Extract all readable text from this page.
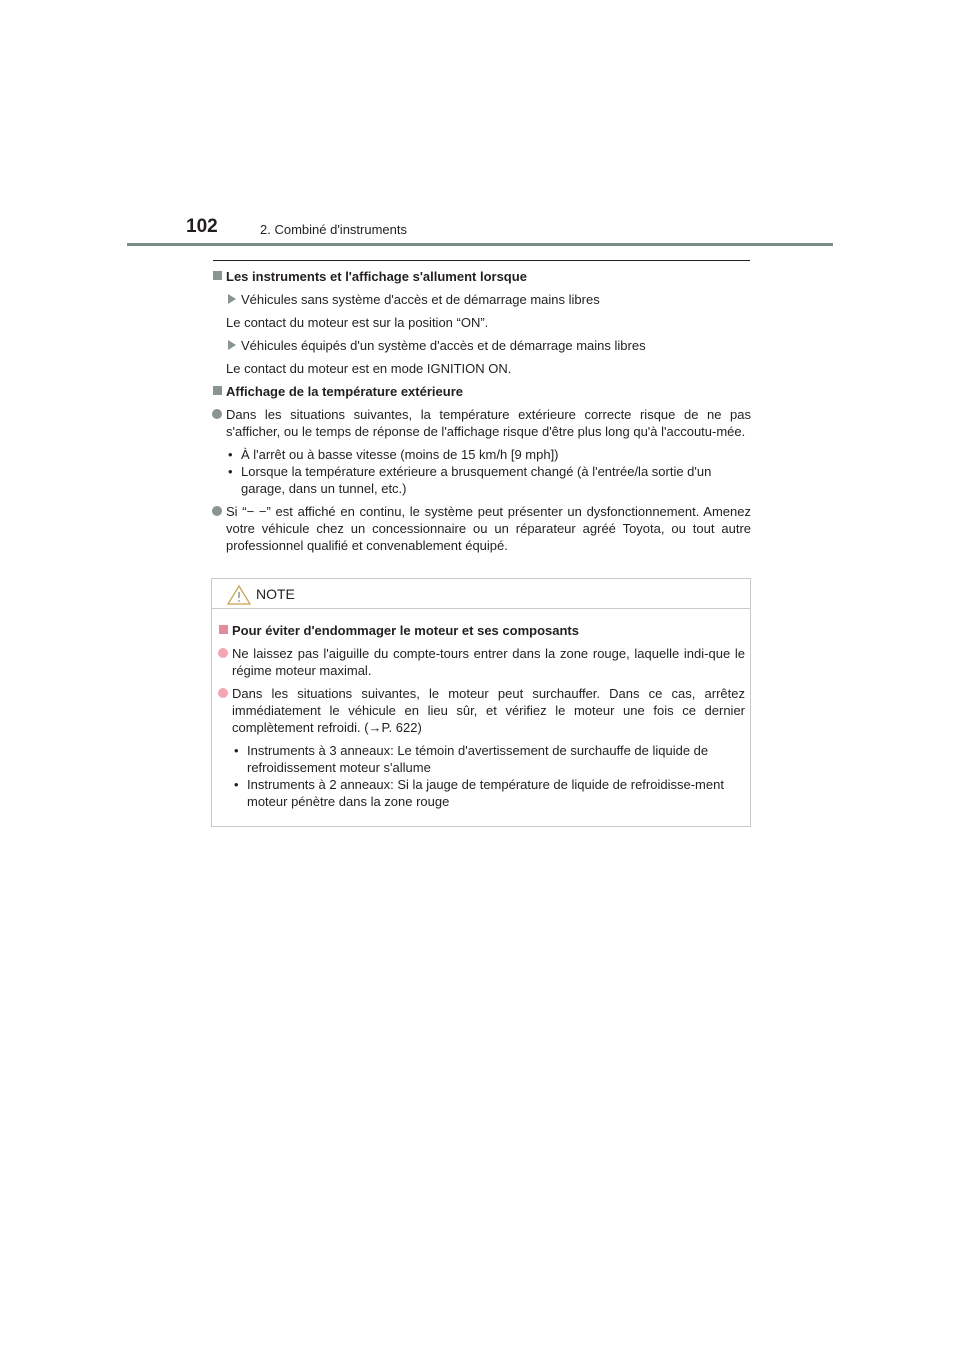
102	2. Combiné d'instruments
Les instruments et l'affichage s'allument lorsque
Véhicules sans système d'accès et de démarrage mains libres
Le contact du moteur est sur la position “ON”.
Véhicules équipés d'un système d'accès et de démarrage mains libres
Le contact du moteur est en mode IGNITION ON.
Affichage de la température extérieure
Dans les situations suivantes, la température extérieure correcte risque de ne pas s'afficher, ou le temps de réponse de l'affichage risque d'être plus long qu'à l'accoutu-mée.
• À l'arrêt ou à basse vitesse (moins de 15 km/h [9 mph])
• Lorsque la température extérieure a brusquement changé (à l'entrée/la sortie d'un garage, dans un tunnel, etc.)
Si “− −” est affiché en continu, le système peut présenter un dysfonctionnement. Amenez votre véhicule chez un concessionnaire ou un réparateur agréé Toyota, ou tout autre professionnel qualifié et convenablement équipé.
NOTE
Pour éviter d'endommager le moteur et ses composants
Ne laissez pas l'aiguille du compte-tours entrer dans la zone rouge, laquelle indi-que le régime moteur maximal.
Dans les situations suivantes, le moteur peut surchauffer. Dans ce cas, arrêtez immédiatement le véhicule en lieu sûr, et vérifiez le moteur une fois ce dernier complètement refroidi. (→P. 622)
• Instruments à 3 anneaux: Le témoin d'avertissement de surchauffe de liquide de refroidissement moteur s'allume
• Instruments à 2 anneaux: Si la jauge de température de liquide de refroidisse-ment moteur pénètre dans la zone rouge
